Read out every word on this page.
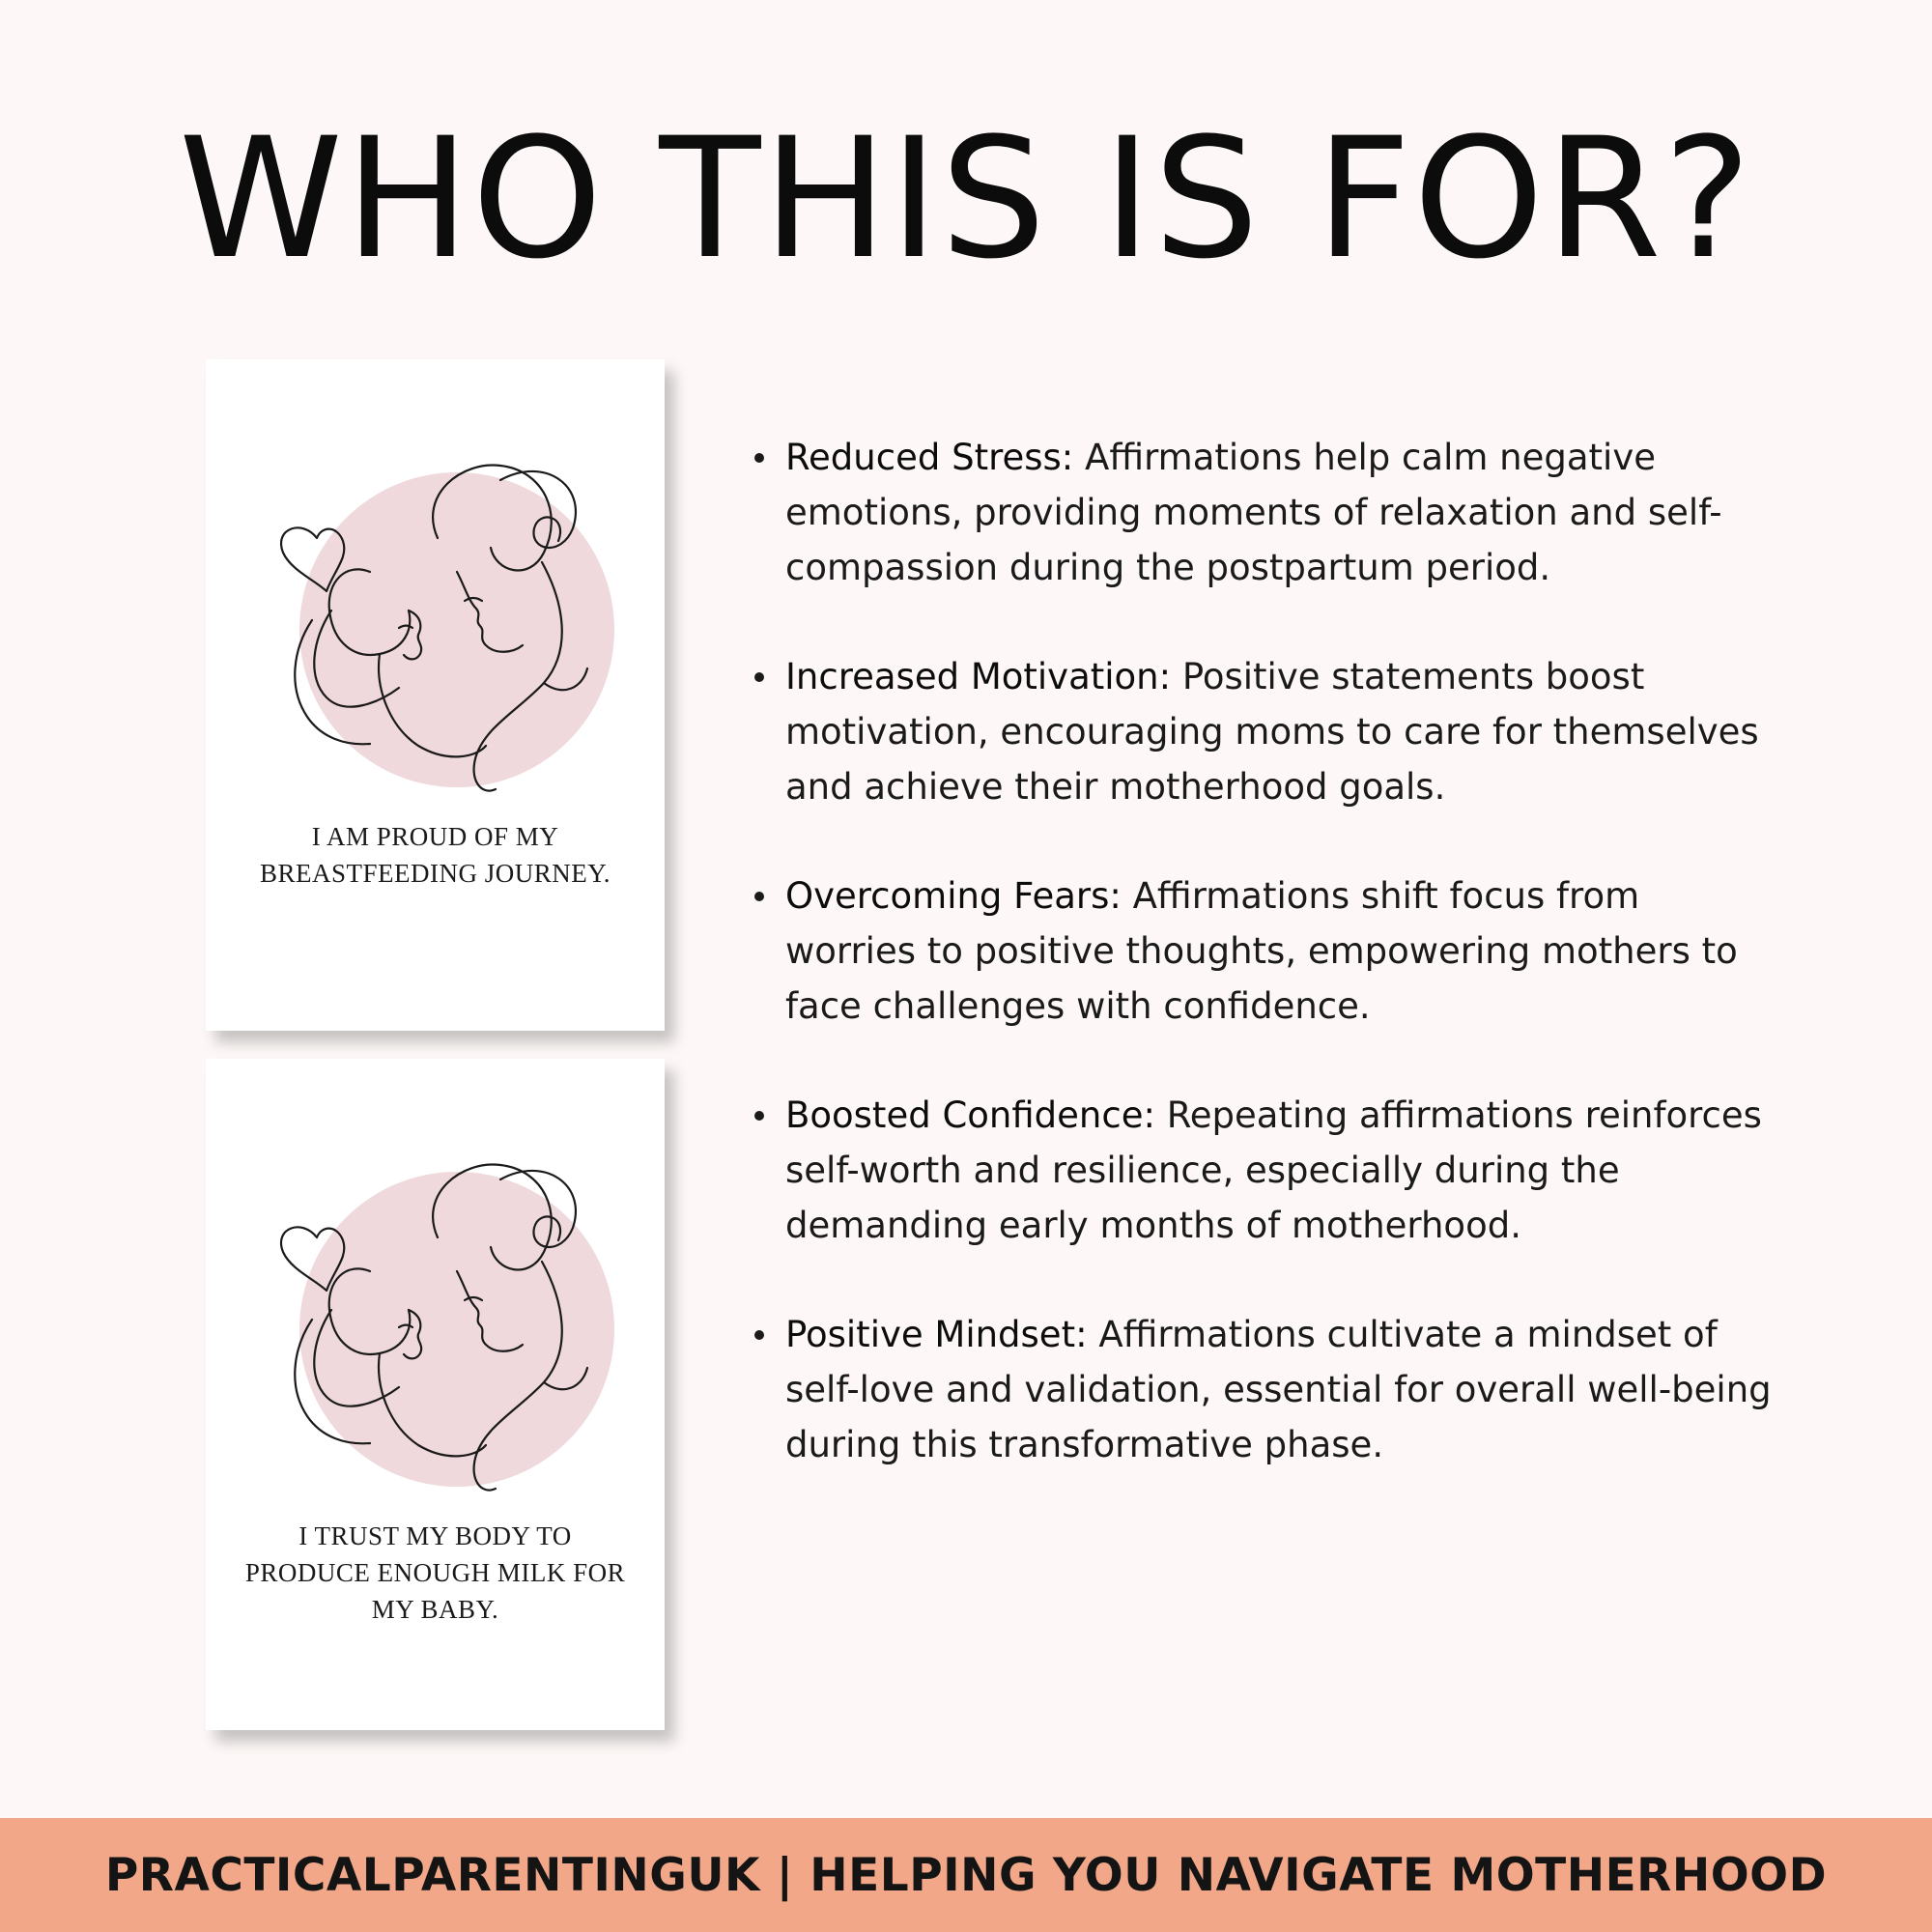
WHO THIS IS FOR?
I AM PROUD OF MY BREASTFEEDING JOURNEY.
I TRUST MY BODY TO PRODUCE ENOUGH MILK FOR MY BABY.
Reduced Stress: Affirmations help calm negative emotions, providing moments of relaxation and self-compassion during the postpartum period.
Increased Motivation: Positive statements boost motivation, encouraging moms to care for themselves and achieve their motherhood goals.
Overcoming Fears: Affirmations shift focus from worries to positive thoughts, empowering mothers to face challenges with confidence.
Boosted Confidence: Repeating affirmations reinforces self-worth and resilience, especially during the demanding early months of motherhood.
Positive Mindset: Affirmations cultivate a mindset of self-love and validation, essential for overall well-being during this transformative phase.
PRACTICALPARENTINGUK | HELPING YOU NAVIGATE MOTHERHOOD
